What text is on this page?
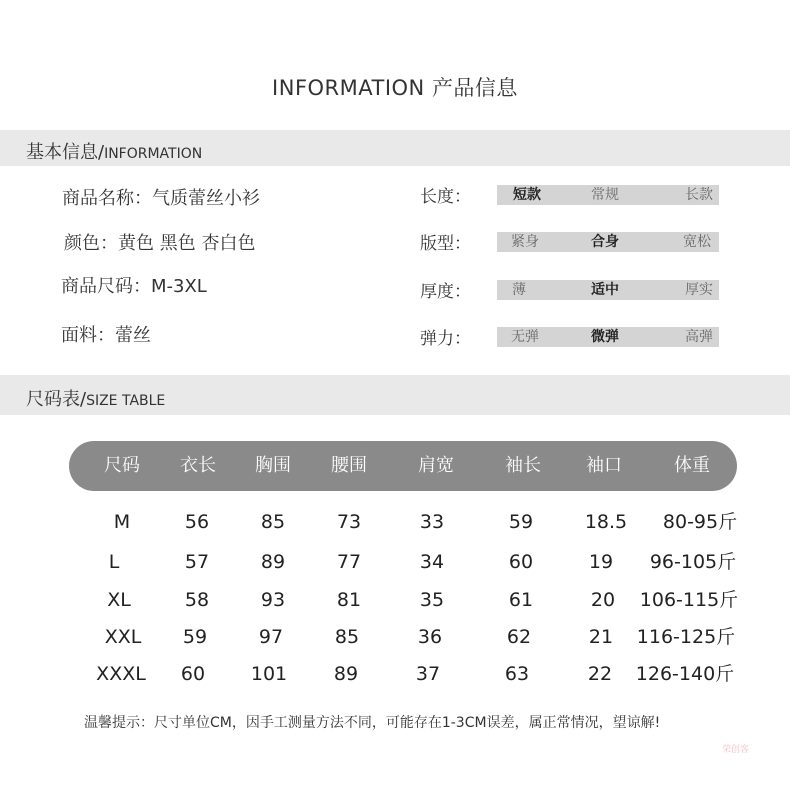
INFORMATION 产品信息
基本信息/INFORMATION
商品名称：气质蕾丝小衫
颜色：黄色 黑色 杏白色
商品尺码：M-3XL
面料：蕾丝
长度：	短款	常规	长款
版型：	紧身	合身	宽松
厚度：	薄	适中	厚实
弹力：	无弹	微弹	高弹
尺码表/SIZE TABLE
尺码	衣长	胸围	腰围	肩宽	袖长	袖口	体重
M	56	85	73	33	59	18.5	80-95斤
L	57	89	77	34	60	19	96-105斤
XL	58	93	81	35	61	20	106-115斤
XXL	59	97	85	36	62	21	116-125斤
XXXL	60	101	89	37	63	22	126-140斤
温馨提示：尺寸单位CM，因手工测量方法不同，可能存在1-3CM误差，属正常情况，望谅解!
荣创客
